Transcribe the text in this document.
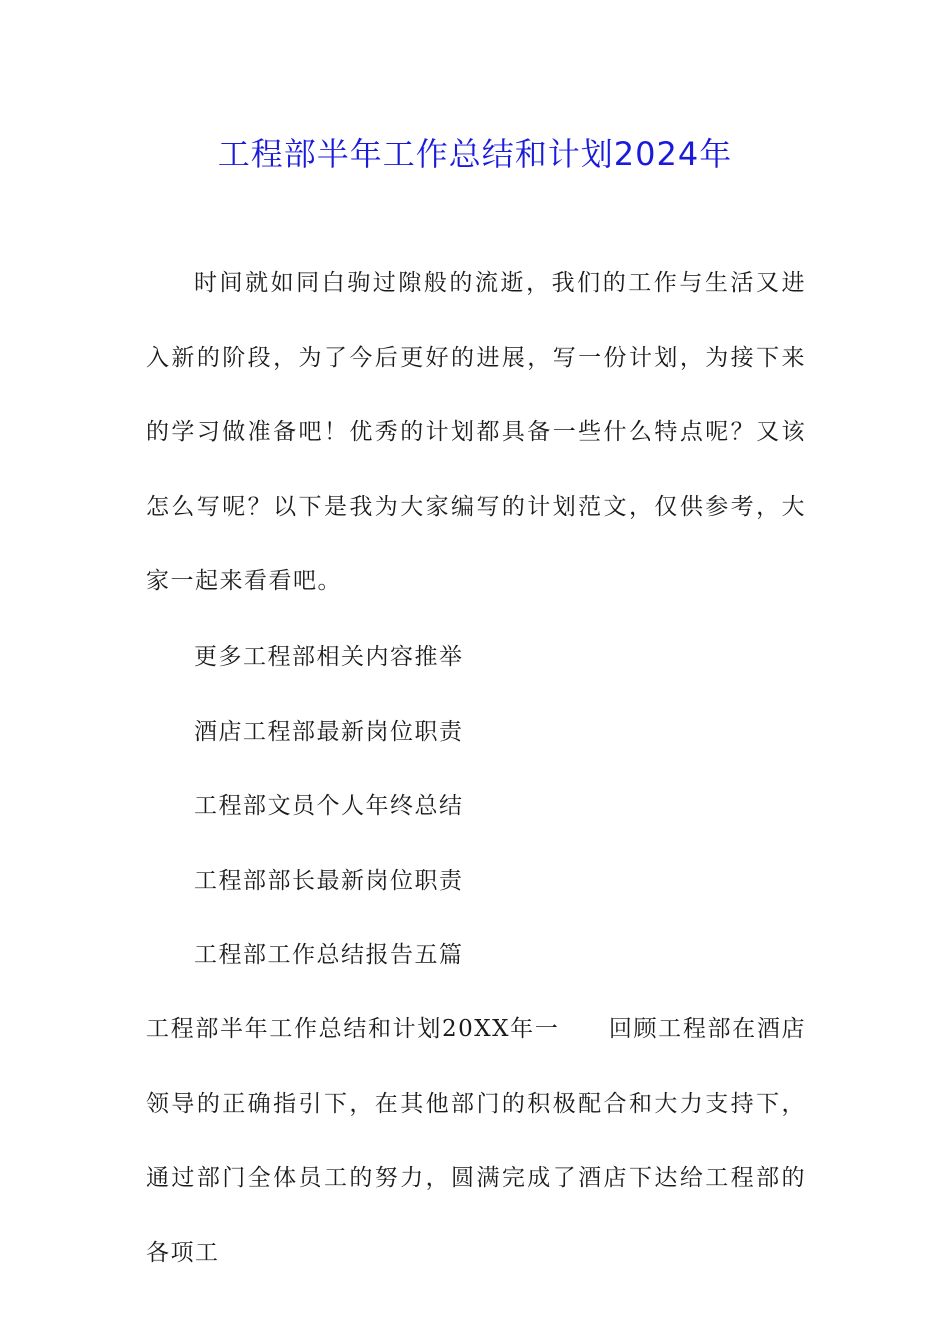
工程部半年工作总结和计划2024年

时间就如同白驹过隙般的流逝，我们的工作与生活又进入新的阶段，为了今后更好的进展，写一份计划，为接下来的学习做准备吧！优秀的计划都具备一些什么特点呢？又该怎么写呢？以下是我为大家编写的计划范文，仅供参考，大家一起来看看吧。

更多工程部相关内容推举

酒店工程部最新岗位职责

工程部文员个人年终总结

工程部部长最新岗位职责

工程部工作总结报告五篇

工程部半年工作总结和计划20XX年一　　回顾工程部在酒店领导的正确指引下，在其他部门的积极配合和大力支持下，通过部门全体员工的努力，圆满完成了酒店下达给工程部的各项工
